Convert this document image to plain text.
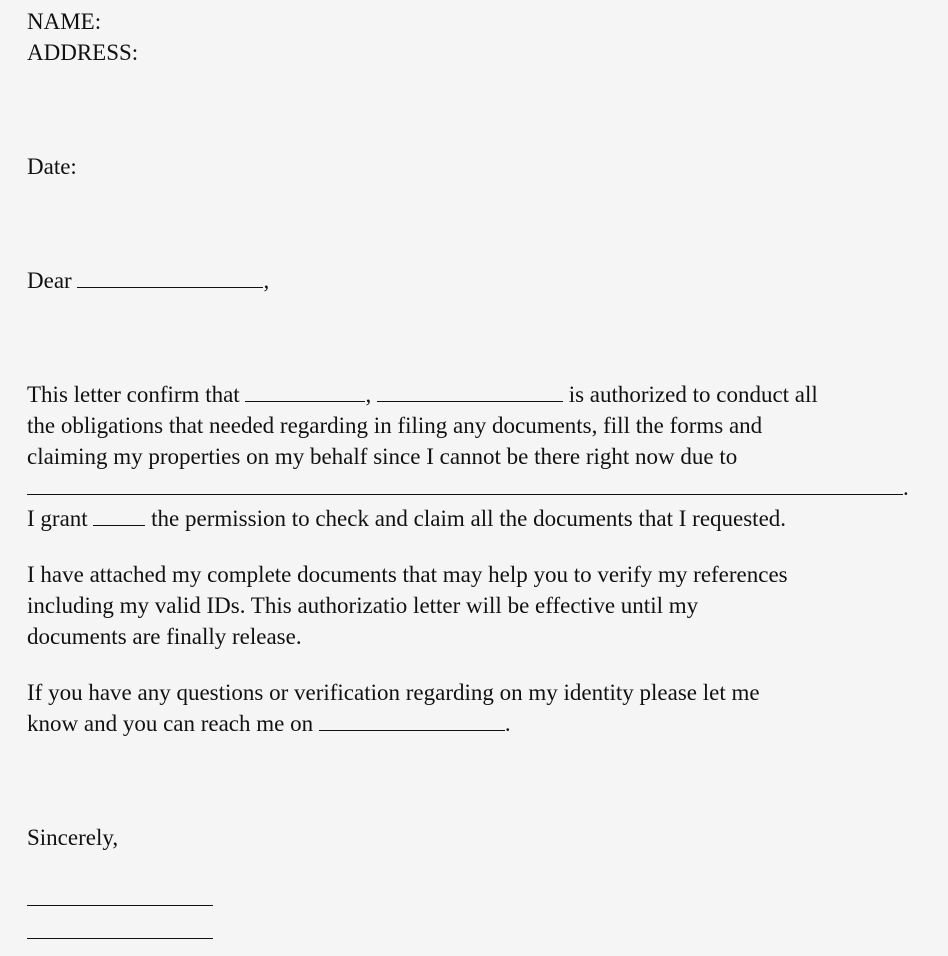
NAME:
ADDRESS:
Date:
Dear	,
This letter confirm that	,	is authorized to conduct all
the obligations that needed regarding in filing any documents, fill the forms and
claiming my properties on my behalf since I cannot be there right now due to
.
I grant	the permission to check and claim all the documents that I requested.
I have attached my complete documents that may help you to verify my references
including my valid IDs. This authorizatio letter will be effective until my
documents are finally release.
If you have any questions or verification regarding on my identity please let me
know and you can reach me on	.
Sincerely,
